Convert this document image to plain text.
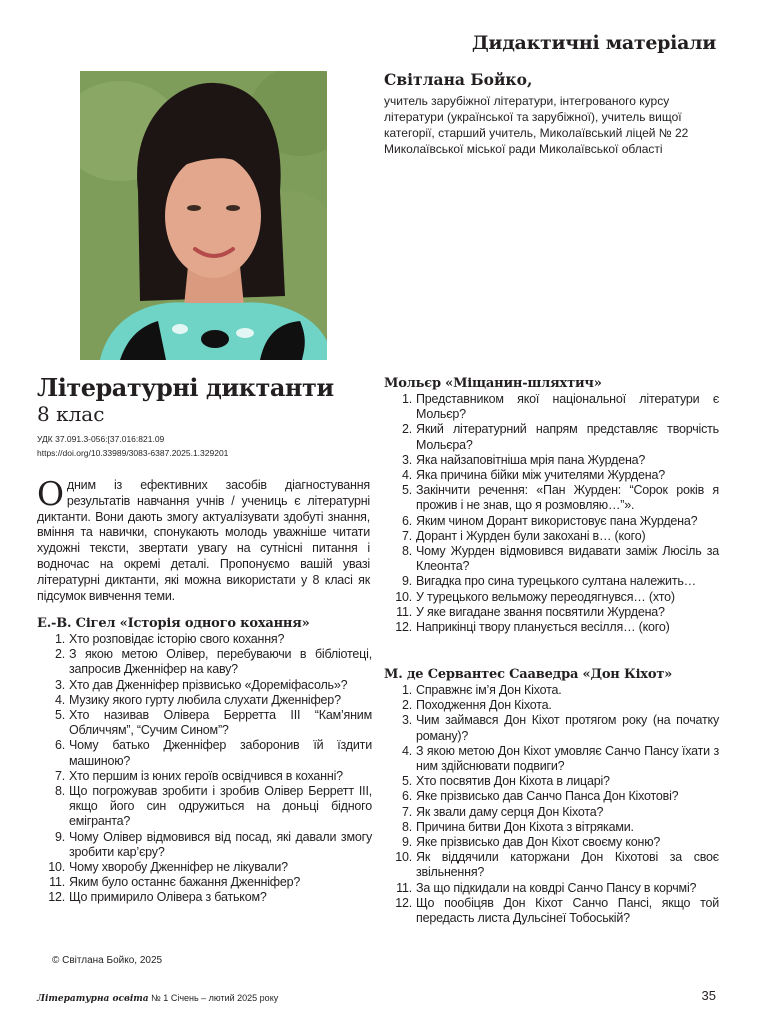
Дидактичні матеріали
Світлана Бойко,
учитель зарубіжної літератури, інтегрованого курсу літератури (української та зарубіжної), учитель вищої категорії, старший учитель, Миколаївський ліцей № 22 Миколаївської міської ради Миколаївської області
Літературні диктанти
8 клас
УДК 37.091.3-056:[37.016:821.09
https://doi.org/10.33989/3083-6387.2025.1.329201
Одним із ефективних засобів діагностування результатів навчання учнів / учениць є літературні диктанти. Вони дають змогу актуалізувати здобуті знання, вміння та навички, спонукають молодь уважніше читати художні тексти, звертати увагу на сутнісні питання і водночас на окремі деталі. Пропонуємо вашій увазі літературні диктанти, які можна використати у 8 класі як підсумок вивчення теми.
Е.-В. Сігел «Історія одного кохання»
1. Хто розповідає історію свого кохання?
2. З якою метою Олівер, перебуваючи в бібліотеці, запросив Дженніфер на каву?
3. Хто дав Дженніфер прізвисько «Дореміфасоль»?
4. Музику якого гурту любила слухати Дженніфер?
5. Хто називав Олівера Берретта III “Кам’яним Обличчям”, “Сучим Сином”?
6. Чому батько Дженніфер заборонив їй їздити машиною?
7. Хто першим із юних героїв освідчився в коханні?
8. Що погрожував зробити і зробив Олівер Берретт III, якщо його син одружиться на доньці бідного емігранта?
9. Чому Олівер відмовився від посад, які давали змогу зробити кар’єру?
10. Чому хворобу Дженніфер не лікували?
11. Яким було останнє бажання Дженніфер?
12. Що примирило Олівера з батьком?
Мольєр «Міщанин-шляхтич»
1. Представником якої національної літератури є Мольєр?
2. Який літературний напрям представляє творчість Мольєра?
3. Яка найзаповітніша мрія пана Журдена?
4. Яка причина бійки між учителями Журдена?
5. Закінчити речення: «Пан Журден: “Сорок років я прожив і не знав, що я розмовляю…”».
6. Яким чином Дорант використовує пана Журдена?
7. Дорант і Журден були закохані в… (кого)
8. Чому Журден відмовився видавати заміж Люсіль за Клеонта?
9. Вигадка про сина турецького султана належить…
10. У турецького вельможу переодягнувся… (хто)
11. У яке вигадане звання посвятили Журдена?
12. Наприкінці твору планується весілля… (кого)
М. де Сервантес Сааведра «Дон Кіхот»
1. Справжнє ім’я Дон Кіхота.
2. Походження Дон Кіхота.
3. Чим займався Дон Кіхот протягом року (на початку роману)?
4. З якою метою Дон Кіхот умовляє Санчо Пансу їхати з ним здійснювати подвиги?
5. Хто посвятив Дон Кіхота в лицарі?
6. Яке прізвисько дав Санчо Панса Дон Кіхотові?
7. Як звали даму серця Дон Кіхота?
8. Причина битви Дон Кіхота з вітряками.
9. Яке прізвисько дав Дон Кіхот своєму коню?
10. Як віддячили каторжани Дон Кіхотові за своє звільнення?
11. За що підкидали на ковдрі Санчо Пансу в корчмі?
12. Що пообіцяв Дон Кіхот Санчо Пансі, якщо той передасть листа Дульсінеї Тобоській?
© Світлана Бойко, 2025
Літературна освіта № 1 Січень – лютий 2025 року	35
